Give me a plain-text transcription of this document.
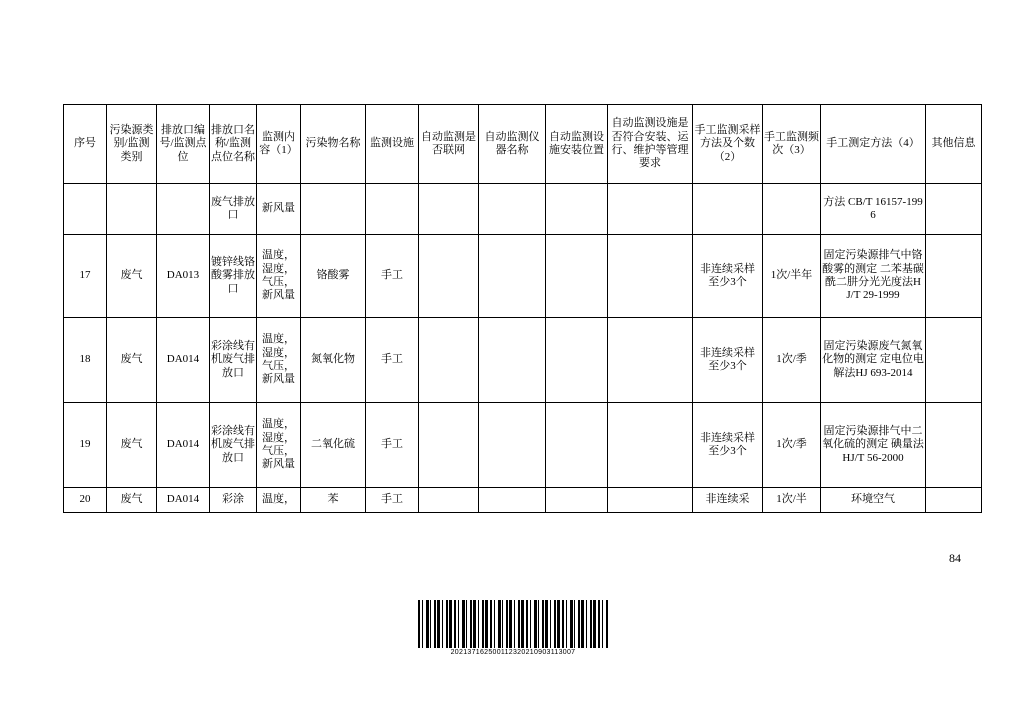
序号	污染源类别/监测类别	排放口编号/监测点位	排放口名称/监测点位名称	监测内容（1）	污染物名称	监测设施	自动监测是否联网	自动监测仪器名称	自动监测设施安装位置	自动监测设施是否符合安装、运行、维护等管理要求	手工监测采样方法及个数（2）	手工监测频次（3）	手工测定方法（4）	其他信息
			废气排放口	新风量									方法 CB/T 16157-1996	
17	废气	DA013	镀锌线铬酸雾排放口	温度，湿度，气压，新风量	铬酸雾	手工					非连续采样 至少3个	1次/半年	固定污染源排气中铬酸雾的测定 二苯基碳酰二肼分光光度法HJ/T 29-1999	
18	废气	DA014	彩涂线有机废气排放口	温度，湿度，气压，新风量	氮氧化物	手工					非连续采样 至少3个	1次/季	固定污染源废气氮氧化物的测定 定电位电解法HJ 693-2014	
19	废气	DA014	彩涂线有机废气排放口	温度，湿度，气压，新风量	二氧化硫	手工					非连续采样 至少3个	1次/季	固定污染源排气中二氧化硫的测定 碘量法 HJ/T 56-2000	
20	废气	DA014	彩涂	温度，	苯	手工					非连续采	1次/半	环境空气	
84
202137162500112320210903113007
